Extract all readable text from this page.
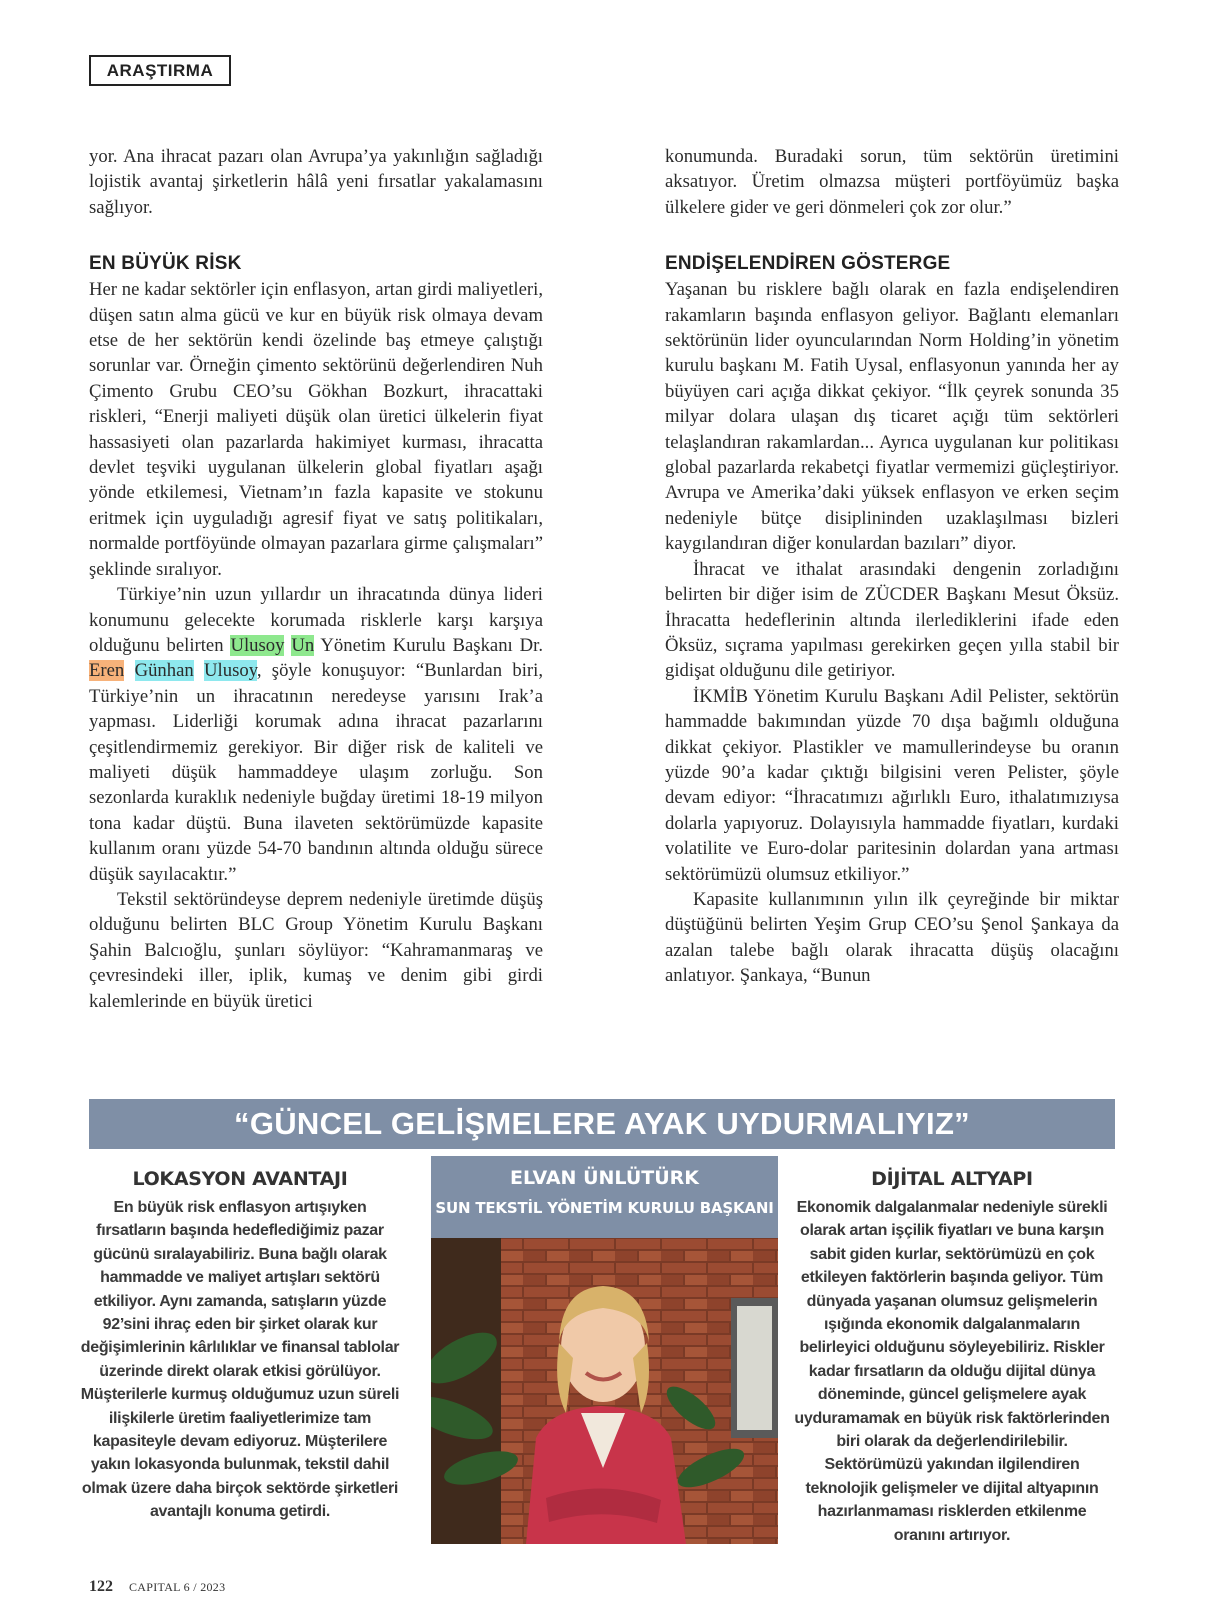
ARAŞTIRMA

yor. Ana ihracat pazarı olan Avrupa’ya yakınlığın sağladığı lojistik avantaj şirketlerin hâlâ yeni fırsatlar yakalamasını sağlıyor.

EN BÜYÜK RİSK

Her ne kadar sektörler için enflasyon, artan girdi maliyetleri, düşen satın alma gücü ve kur en büyük risk olmaya devam etse de her sektörün kendi özelinde baş etmeye çalıştığı sorunlar var. Örneğin çimento sektörünü değerlendiren Nuh Çimento Grubu CEO’su Gökhan Bozkurt, ihracattaki riskleri, “Enerji maliyeti düşük olan üretici ülkelerin fiyat hassasiyeti olan pazarlarda hakimiyet kurması, ihracatta devlet teşviki uygulanan ülkelerin global fiyatları aşağı yönde etkilemesi, Vietnam’ın fazla kapasite ve stokunu eritmek için uyguladığı agresif fiyat ve satış politikaları, normalde portföyünde olmayan pazarlara girme çalışmaları” şeklinde sıralıyor.

Türkiye’nin uzun yıllardır un ihracatında dünya lideri konumunu gelecekte korumada risklerle karşı karşıya olduğunu belirten Ulusoy Un Yönetim Kurulu Başkanı Dr. Eren Günhan Ulusoy, şöyle konuşuyor: “Bunlardan biri, Türkiye’nin un ihracatının neredeyse yarısını Irak’a yapması. Liderliği korumak adına ihracat pazarlarını çeşitlendirmemiz gerekiyor. Bir diğer risk de kaliteli ve maliyeti düşük hammaddeye ulaşım zorluğu. Son sezonlarda kuraklık nedeniyle buğday üretimi 18-19 milyon tona kadar düştü. Buna ilaveten sektörümüzde kapasite kullanım oranı yüzde 54-70 bandının altında olduğu sürece düşük sayılacaktır.”

Tekstil sektöründeyse deprem nedeniyle üretimde düşüş olduğunu belirten BLC Group Yönetim Kurulu Başkanı Şahin Balcıoğlu, şunları söylüyor: “Kahramanmaraş ve çevresindeki iller, iplik, kumaş ve denim gibi girdi kalemlerinde en büyük üretici

konumunda. Buradaki sorun, tüm sektörün üretimini aksatıyor. Üretim olmazsa müşteri portföyümüz başka ülkelere gider ve geri dönmeleri çok zor olur.”

ENDİŞELENDİREN GÖSTERGE

Yaşanan bu risklere bağlı olarak en fazla endişelendiren rakamların başında enflasyon geliyor. Bağlantı elemanları sektörünün lider oyuncularından Norm Holding’in yönetim kurulu başkanı M. Fatih Uysal, enflasyonun yanında her ay büyüyen cari açığa dikkat çekiyor. “İlk çeyrek sonunda 35 milyar dolara ulaşan dış ticaret açığı tüm sektörleri telaşlandıran rakamlardan... Ayrıca uygulanan kur politikası global pazarlarda rekabetçi fiyatlar vermemizi güçleştiriyor. Avrupa ve Amerika’daki yüksek enflasyon ve erken seçim nedeniyle bütçe disiplininden uzaklaşılması bizleri kaygılandıran diğer konulardan bazıları” diyor.

İhracat ve ithalat arasındaki dengenin zorladığını belirten bir diğer isim de ZÜCDER Başkanı Mesut Öksüz. İhracatta hedeflerinin altında ilerlediklerini ifade eden Öksüz, sıçrama yapılması gerekirken geçen yılla stabil bir gidişat olduğunu dile getiriyor.

İKMİB Yönetim Kurulu Başkanı Adil Pelister, sektörün hammadde bakımından yüzde 70 dışa bağımlı olduğuna dikkat çekiyor. Plastikler ve mamullerindeyse bu oranın yüzde 90’a kadar çıktığı bilgisini veren Pelister, şöyle devam ediyor: “İhracatımızı ağırlıklı Euro, ithalatımızıysa dolarla yapıyoruz. Dolayısıyla hammadde fiyatları, kurdaki volatilite ve Euro-dolar paritesinin dolardan yana artması sektörümüzü olumsuz etkiliyor.”

Kapasite kullanımının yılın ilk çeyreğinde bir miktar düştüğünü belirten Yeşim Grup CEO’su Şenol Şankaya da azalan talebe bağlı olarak ihracatta düşüş olacağını anlatıyor. Şankaya, “Bunun

“GÜNCEL GELİŞMELERE AYAK UYDURMALIYIZ”
LOKASYON AVANTAJI

En büyük risk enflasyon artışıyken fırsatların başında hedeflediğimiz pazar gücünü sıralayabiliriz. Buna bağlı olarak hammadde ve maliyet artışları sektörü etkiliyor. Aynı zamanda, satışların yüzde 92’sini ihraç eden bir şirket olarak kur değişimlerinin kârlılıklar ve finansal tablolar üzerinde direkt olarak etkisi görülüyor. Müşterilerle kurmuş olduğumuz uzun süreli ilişkilerle üretim faaliyetlerimize tam kapasiteyle devam ediyoruz. Müşterilere yakın lokasyonda bulunmak, tekstil dahil olmak üzere daha birçok sektörde şirketleri avantajlı konuma getirdi.

ELVAN ÜNLÜTÜRK
SUN TEKSTİL YÖNETİM KURULU BAŞKANI
DİJİTAL ALTYAPI

Ekonomik dalgalanmalar nedeniyle sürekli olarak artan işçilik fiyatları ve buna karşın sabit giden kurlar, sektörümüzü en çok etkileyen faktörlerin başında geliyor. Tüm dünyada yaşanan olumsuz gelişmelerin ışığında ekonomik dalgalanmaların belirleyici olduğunu söyleyebiliriz. Riskler kadar fırsatların da olduğu dijital dünya döneminde, güncel gelişmelere ayak uyduramamak en büyük risk faktörlerinden biri olarak da değerlendirilebilir. Sektörümüzü yakından ilgilendiren teknolojik gelişmeler ve dijital altyapının hazırlanmaması risklerden etkilenme oranını artırıyor.

122 CAPITAL 6 / 2023
